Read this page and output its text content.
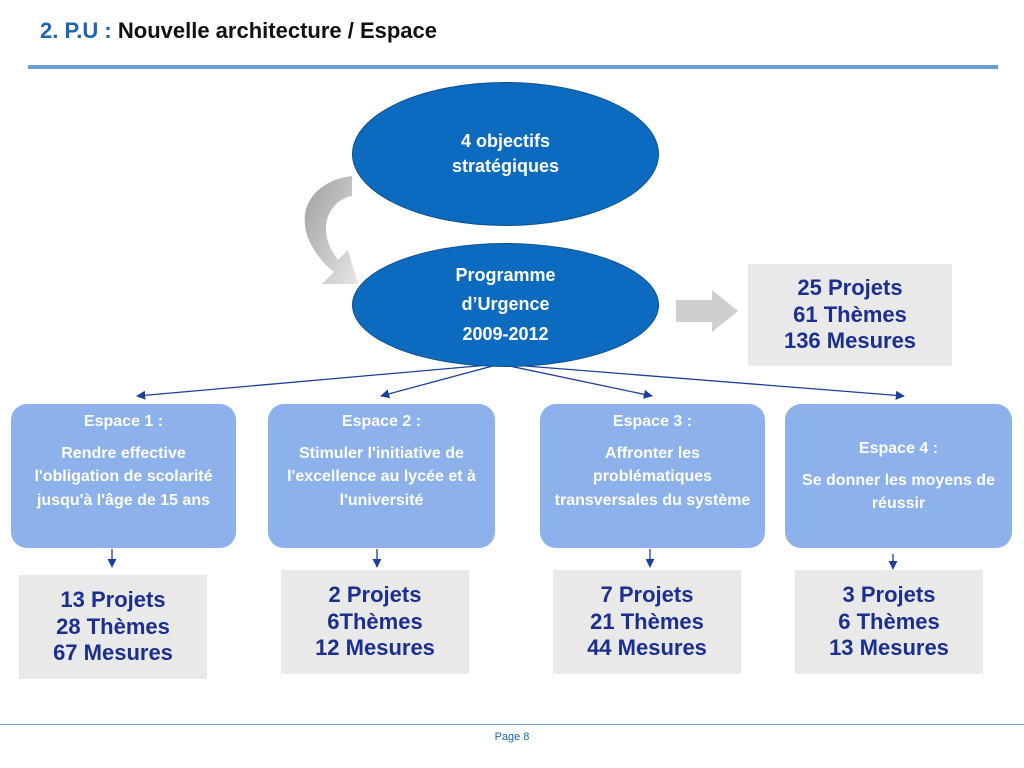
2. P.U : Nouvelle architecture / Espace
4 objectifs
stratégiques
Programme
d’Urgence
2009-2012
25 Projets
61 Thèmes
136 Mesures
Espace 1 :
Rendre effective l'obligation de scolarité jusqu'à l'âge de 15 ans
13 Projets
28 Thèmes
67 Mesures
Espace 2 :
Stimuler l'initiative de l'excellence au lycée et à l'université
2 Projets
6Thèmes
12 Mesures
Espace 3 :
Affronter les problématiques transversales du système
7 Projets
21 Thèmes
44 Mesures
Espace 4 :
Se donner les moyens de réussir
3 Projets
6 Thèmes
13 Mesures
Page 8
